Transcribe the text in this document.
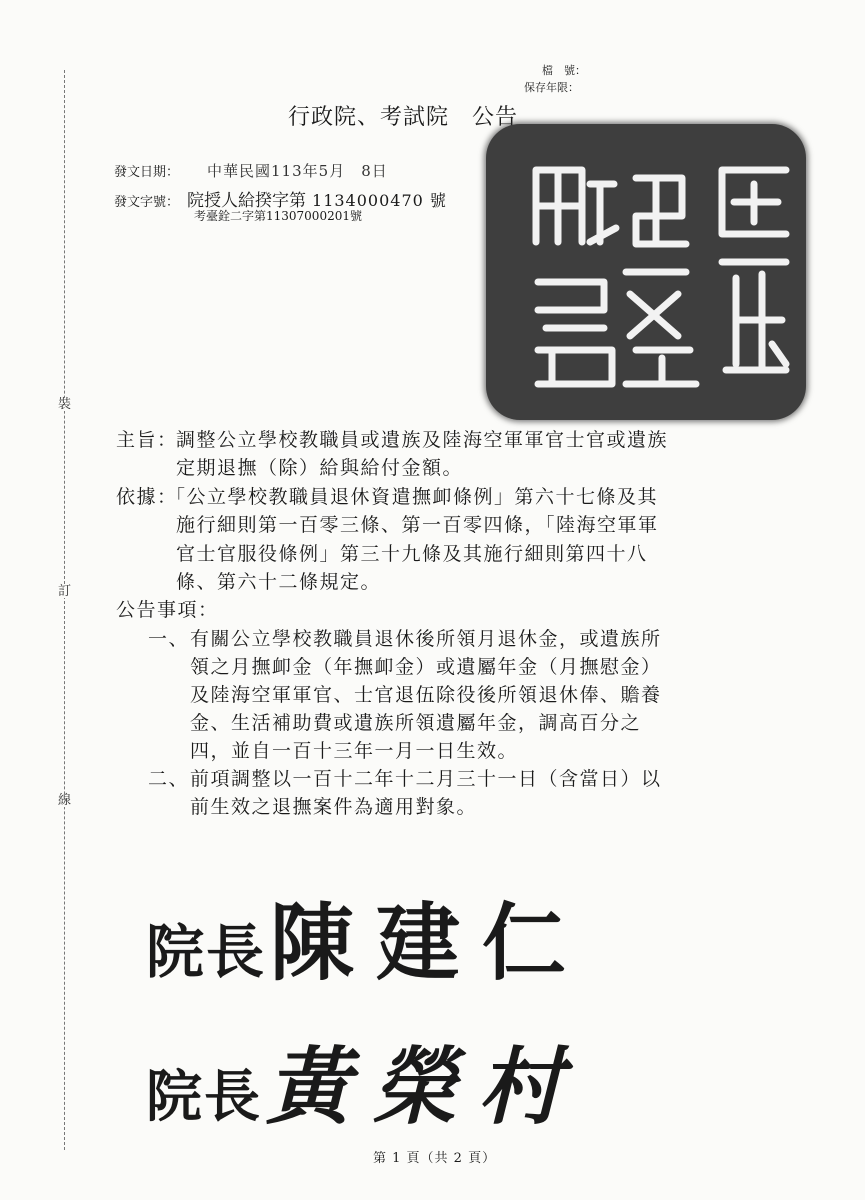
裝
訂
線
檔　號：
保存年限：
行政院、考試院　公告
發文日期： 中華民國113年5月　8日
發文字號： 院授人給揆字第 1134000470 號
考臺銓二字第11307000201號
主旨：
調整公立學校教職員或遺族及陸海空軍軍官士官或遺族
定期退撫（除）給與給付金額。
依據：
「公立學校教職員退休資遣撫卹條例」第六十七條及其
施行細則第一百零三條、第一百零四條，「陸海空軍軍
官士官服役條例」第三十九條及其施行細則第四十八
條、第六十二條規定。
公告事項：
一、 有關公立學校教職員退休後所領月退休金，或遺族所
領之月撫卹金（年撫卹金）或遺屬年金（月撫慰金）
及陸海空軍軍官、士官退伍除役後所領退休俸、贍養
金、生活補助費或遺族所領遺屬年金，調高百分之
四，並自一百十三年一月一日生效。
二、 前項調整以一百十二年十二月三十一日（含當日）以
前生效之退撫案件為適用對象。
院長陳建仁
院長黃榮村
第 1 頁（共 2 頁）
